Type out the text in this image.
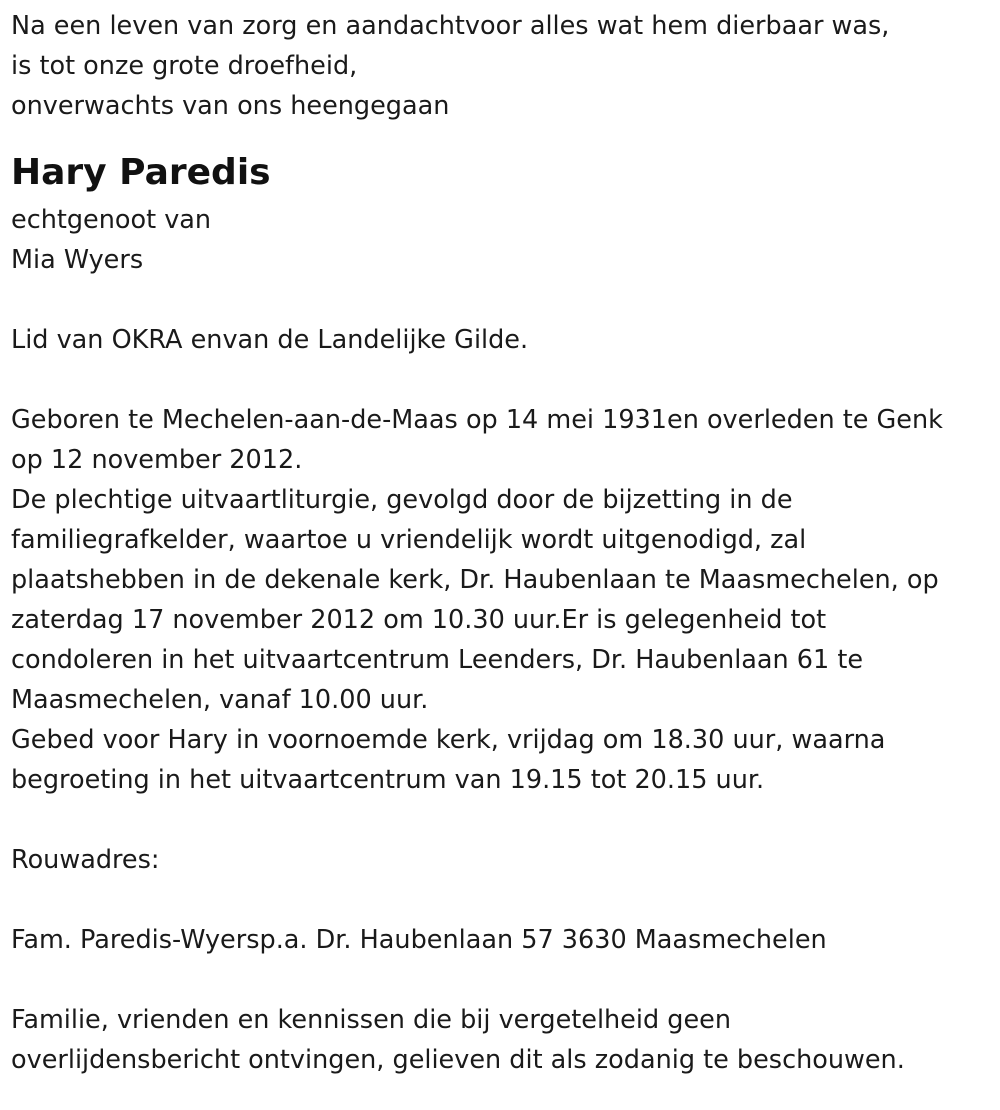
Na een leven van zorg en aandachtvoor alles wat hem dierbaar was,

is tot onze grote droefheid,

onverwachts van ons heengegaan

Hary Paredis

echtgenoot van

Mia Wyers

Lid van OKRA envan de Landelijke Gilde.

Geboren te Mechelen-aan-de-Maas op 14 mei 1931en overleden te Genk

op 12 november 2012.

De plechtige uitvaartliturgie, gevolgd door de bijzetting in de

familiegrafkelder, waartoe u vriendelijk wordt uitgenodigd, zal

plaatshebben in de dekenale kerk, Dr. Haubenlaan te Maasmechelen, op

zaterdag 17 november 2012 om 10.30 uur.Er is gelegenheid tot

condoleren in het uitvaartcentrum Leenders, Dr. Haubenlaan 61 te

Maasmechelen, vanaf 10.00 uur.

Gebed voor Hary in voornoemde kerk, vrijdag om 18.30 uur, waarna

begroeting in het uitvaartcentrum van 19.15 tot 20.15 uur.

Rouwadres:

Fam. Paredis-Wyersp.a. Dr. Haubenlaan 57 3630 Maasmechelen

Familie, vrienden en kennissen die bij vergetelheid geen

overlijdensbericht ontvingen, gelieven dit als zodanig te beschouwen.
